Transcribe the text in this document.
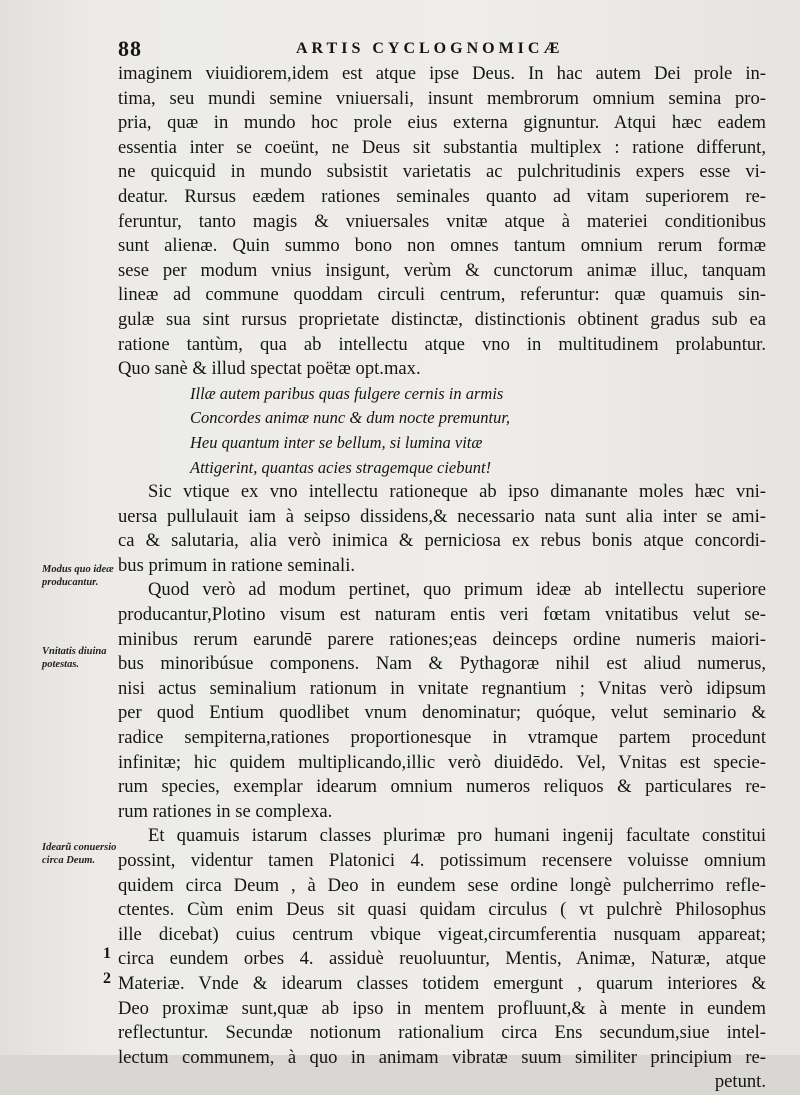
88	ARTIS CYCLOGNOMICÆ
Modus quo ideæ producantur.
Vnitatis diuina potestas.
Idearũ conuersio circa Deum.
1
2
imaginem viuidiorem,idem est atque ipse Deus. In hac autem Dei prole in-
tima, seu mundi semine vniuersali, insunt membrorum omnium semina pro-
pria, quæ in mundo hoc prole eius externa gignuntur. Atqui hæc eadem
essentia inter se coeünt, ne Deus sit substantia multiplex : ratione differunt,
ne quicquid in mundo subsistit varietatis ac pulchritudinis expers esse vi-
deatur. Rursus eædem rationes seminales quanto ad vitam superiorem re-
feruntur, tanto magis & vniuersales vnitæ atque à materiei conditionibus
sunt alienæ. Quin summo bono non omnes tantum omnium rerum formæ
sese per modum vnius insigunt, verùm & cunctorum animæ illuc, tanquam
lineæ ad commune quoddam circuli centrum, referuntur: quæ quamuis sin-
gulæ sua sint rursus proprietate distinctæ, distinctionis obtinent gradus sub ea
ratione tantùm, qua ab intellectu atque vno in multitudinem prolabuntur.
Quo sanè & illud spectat poëtæ opt.max.
Illæ autem paribus quas fulgere cernis in armis
Concordes animæ nunc & dum nocte premuntur,
Heu quantum inter se bellum, si lumina vitæ
Attigerint, quantas acies stragemque ciebunt!
Sic vtique ex vno intellectu rationeque ab ipso dimanante moles hæc vni-
uersa pullulauit iam à seipso dissidens,& necessario nata sunt alia inter se ami-
ca & salutaria, alia verò inimica & perniciosa ex rebus bonis atque concordi-
bus primum in ratione seminali.
Quod verò ad modum pertinet, quo primum ideæ ab intellectu superiore
producantur,Plotino visum est naturam entis veri fœtam vnitatibus velut se-
minibus rerum earundē parere rationes;eas deinceps ordine numeris maiori-
bus minoribúsue componens. Nam & Pythagoræ nihil est aliud numerus,
nisi actus seminalium rationum in vnitate regnantium ; Vnitas verò idipsum
per quod Entium quodlibet vnum denominatur; quóque, velut seminario &
radice sempiterna,rationes proportionesque in vtramque partem procedunt
infinitæ; hic quidem multiplicando,illic verò diuidēdo. Vel, Vnitas est specie-
rum species, exemplar idearum omnium numeros reliquos & particulares re-
rum rationes in se complexa.
Et quamuis istarum classes plurimæ pro humani ingenij facultate constitui
possint, videntur tamen Platonici 4. potissimum recensere voluisse omnium
quidem circa Deum , à Deo in eundem sese ordine longè pulcherrimo refle-
ctentes. Cùm enim Deus sit quasi quidam circulus ( vt pulchrè Philosophus
ille dicebat) cuius centrum vbique vigeat,circumferentia nusquam appareat;
circa eundem orbes 4. assiduè reuoluuntur, Mentis, Animæ, Naturæ, atque
Materiæ. Vnde & idearum classes totidem emergunt , quarum interiores &
Deo proximæ sunt,quæ ab ipso in mentem profluunt,& à mente in eundem
reflectuntur. Secundæ notionum rationalium circa Ens secundum,siue intel-
lectum communem, à quo in animam vibratæ suum similiter principium re-
petunt.
